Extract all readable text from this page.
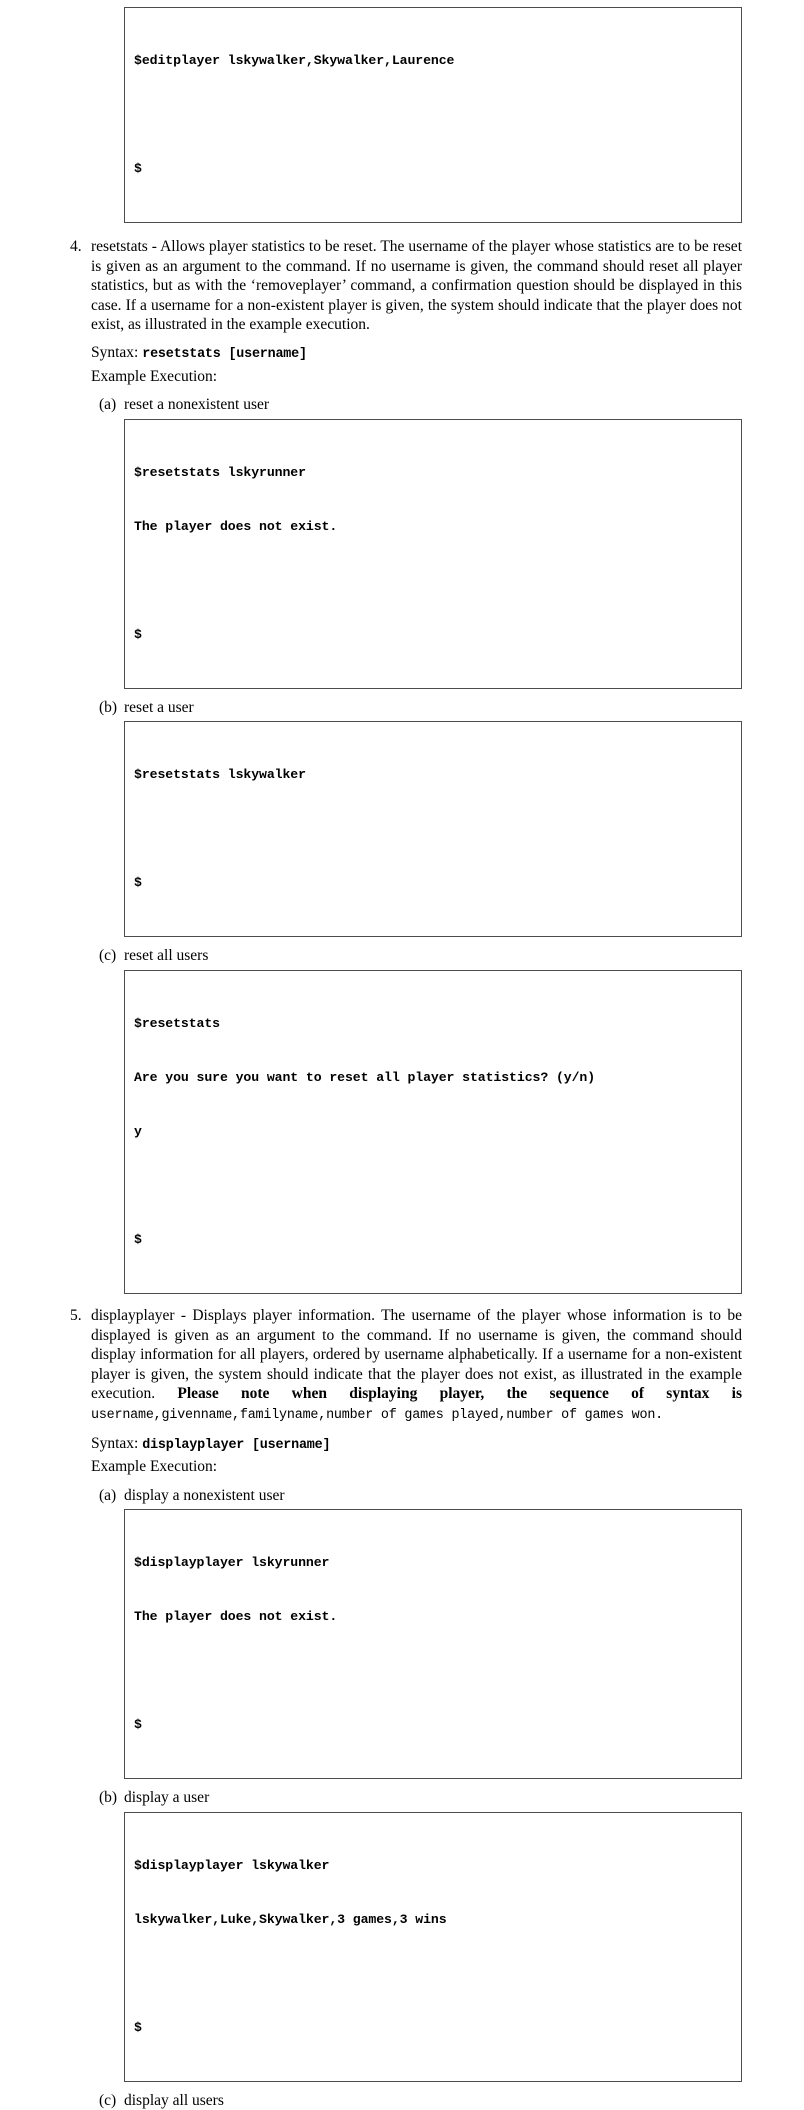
$editplayer lskywalker,Skywalker,Laurence

$

4. resetstats - Allows player statistics to be reset. The username of the player whose statistics are to be reset is given as an argument to the command. If no username is given, the command should reset all player statistics, but as with the ‘removeplayer’ command, a confirmation question should be displayed in this case. If a username for a non-existent player is given, the system should indicate that the player does not exist, as illustrated in the example execution.
Syntax: resetstats [username]
Example Execution:
(a) reset a nonexistent user

$resetstats lskyrunner

The player does not exist.

$

(b) reset a user

$resetstats lskywalker

$

(c) reset all users

$resetstats

Are you sure you want to reset all player statistics? (y/n)

y

$

5. displayplayer - Displays player information. The username of the player whose information is to be displayed is given as an argument to the command. If no username is given, the command should display information for all players, ordered by username alphabetically. If a username for a non-existent player is given, the system should indicate that the player does not exist, as illustrated in the example execution. Please note when displaying player, the sequence of syntax is username,givenname,familyname,number of games played,number of games won.
Syntax: displayplayer [username]
Example Execution:
(a) display a nonexistent user

$displayplayer lskyrunner

The player does not exist.

$

(b) display a user

$displayplayer lskywalker

lskywalker,Luke,Skywalker,3 games,3 wins

$

(c) display all users
